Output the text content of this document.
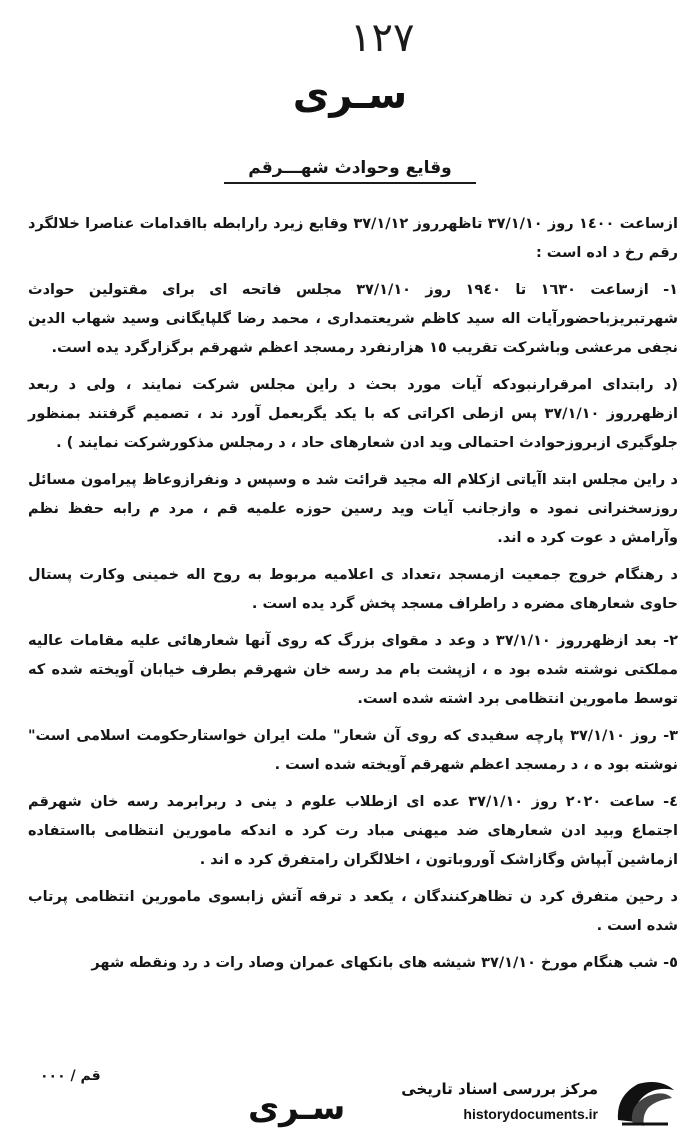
١٢٧
سـری
وقایع وحوادث شهـــرقم

ازساعت ١٤٠٠ روز ٣٧/١/١٠ تاظهرروز ٣٧/١/١٢ وقایع زیرد رارابطه بااقدامات عناصرا خلالگرد رقم رخ د اده است :

١- ازساعت ١٦٣٠ تا ١٩٤٠ روز ٣٧/١/١٠ مجلس فاتحه ای برای مقتولین حوادث شهرتبریزباحضورآیات اله سید کاظم شریعتمداری ، محمد رضا گلپایگانی وسید شهاب الدین نجفی مرعشی وباشرکت تقریب ١٥ هزارنفرد رمسجد اعظم شهرقم برگزارگرد یده است.

(د رابتدای امرقرارنبودکه آیات مورد بحث د راین مجلس شرکت نمایند ، ولی د ربعد ازظهرروز ٣٧/١/١٠ پس ازطی اکراتی که با یکد یگربعمل آورد ند ، تصمیم گرفتند بمنظور جلوگیری ازبروزحوادث احتمالی وید ادن شعارهای حاد ، د رمجلس مذکورشرکت نمایند ) .

د راین مجلس ابتد اآیاتی ازکلام اله مجید قرائت شد ه وسپس د ونفرازوعاظ پیرامون مسائل روزسخنرانی نمود ه وازجانب آیات وید رسین حوزه علمیه قم ، مرد م رابه حفظ نظم وآرامش د عوت کرد ه اند.

د رهنگام خروج جمعیت ازمسجد ،تعداد ی اعلامیه مربوط به روح اله خمینی وکارت پستال حاوی شعارهای مضره د راطراف مسجد پخش گرد یده است .

٢- بعد ازظهرروز ٣٧/١/١٠ د وعد د مقوای بزرگ که روی آنها شعارهائی علیه مقامات عالیه مملکتی نوشته شده بود ه ، ازپشت بام مد رسه خان شهرقم بطرف خیابان آویخته شده که توسط مامورین انتظامی برد اشته شده است.

٣- روز ٣٧/١/١٠ پارچه سفیدی که روی آن شعار" ملت ایران خواستارحکومت اسلامی است" نوشته بود ه ، د رمسجد اعظم شهرقم آویخته شده است .

٤- ساعت ٢٠٢٠ روز ٣٧/١/١٠ عده ای ازطلاب علوم د ینی د ربرابرمد رسه خان شهرقم اجتماع وبید ادن شعارهای ضد میهنی مباد رت کرد ه اندکه مامورین انتظامی بااستفاده ازماشین آبپاش وگازاشک آوروباتون ، اخلالگران رامتفرق کرد ه اند .

د رحین متفرق کرد ن تظاهرکنندگان ، یکعد د ترقه آتش زابسوی مامورین انتظامی پرتاب شده است .

٥- شب هنگام مورخ ٣٧/١/١٠ شیشه های بانکهای عمران وصاد رات د رد ونقطه شهر

قم / ٠٠٠
سـری	مرکز بررسی اسناد تاریخی
historydocuments.ir
